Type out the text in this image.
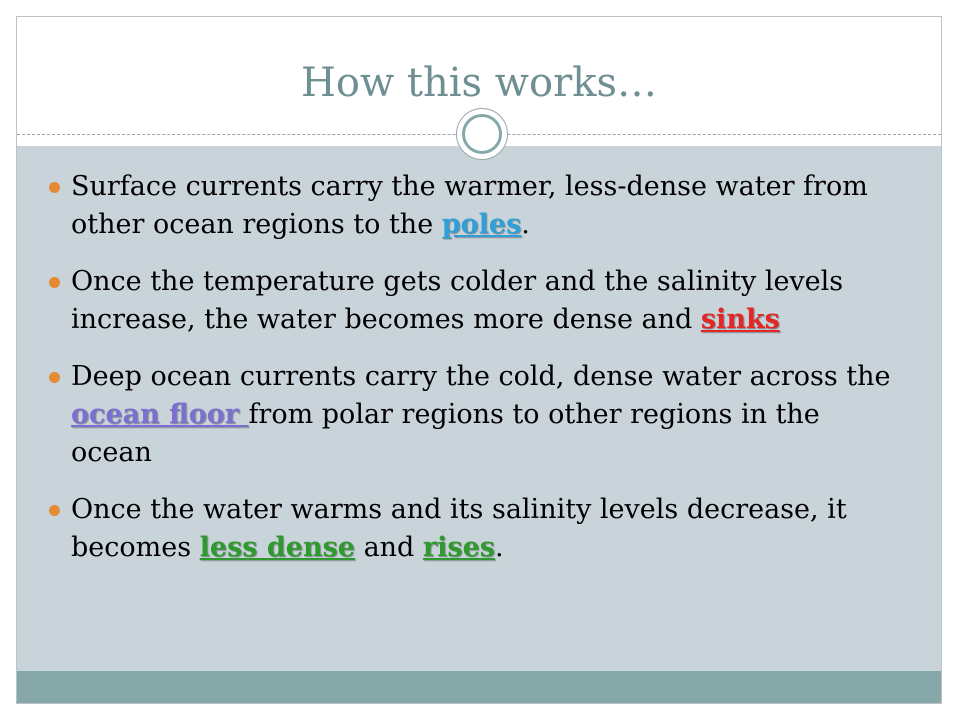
How this works…
Surface currents carry the warmer, less-dense water from other ocean regions to the poles.
Once the temperature gets colder and the salinity levels increase, the water becomes more dense and sinks
Deep ocean currents carry the cold, dense water across the ocean floor from polar regions to other regions in the ocean
Once the water warms and its salinity levels decrease, it becomes less dense and rises.
